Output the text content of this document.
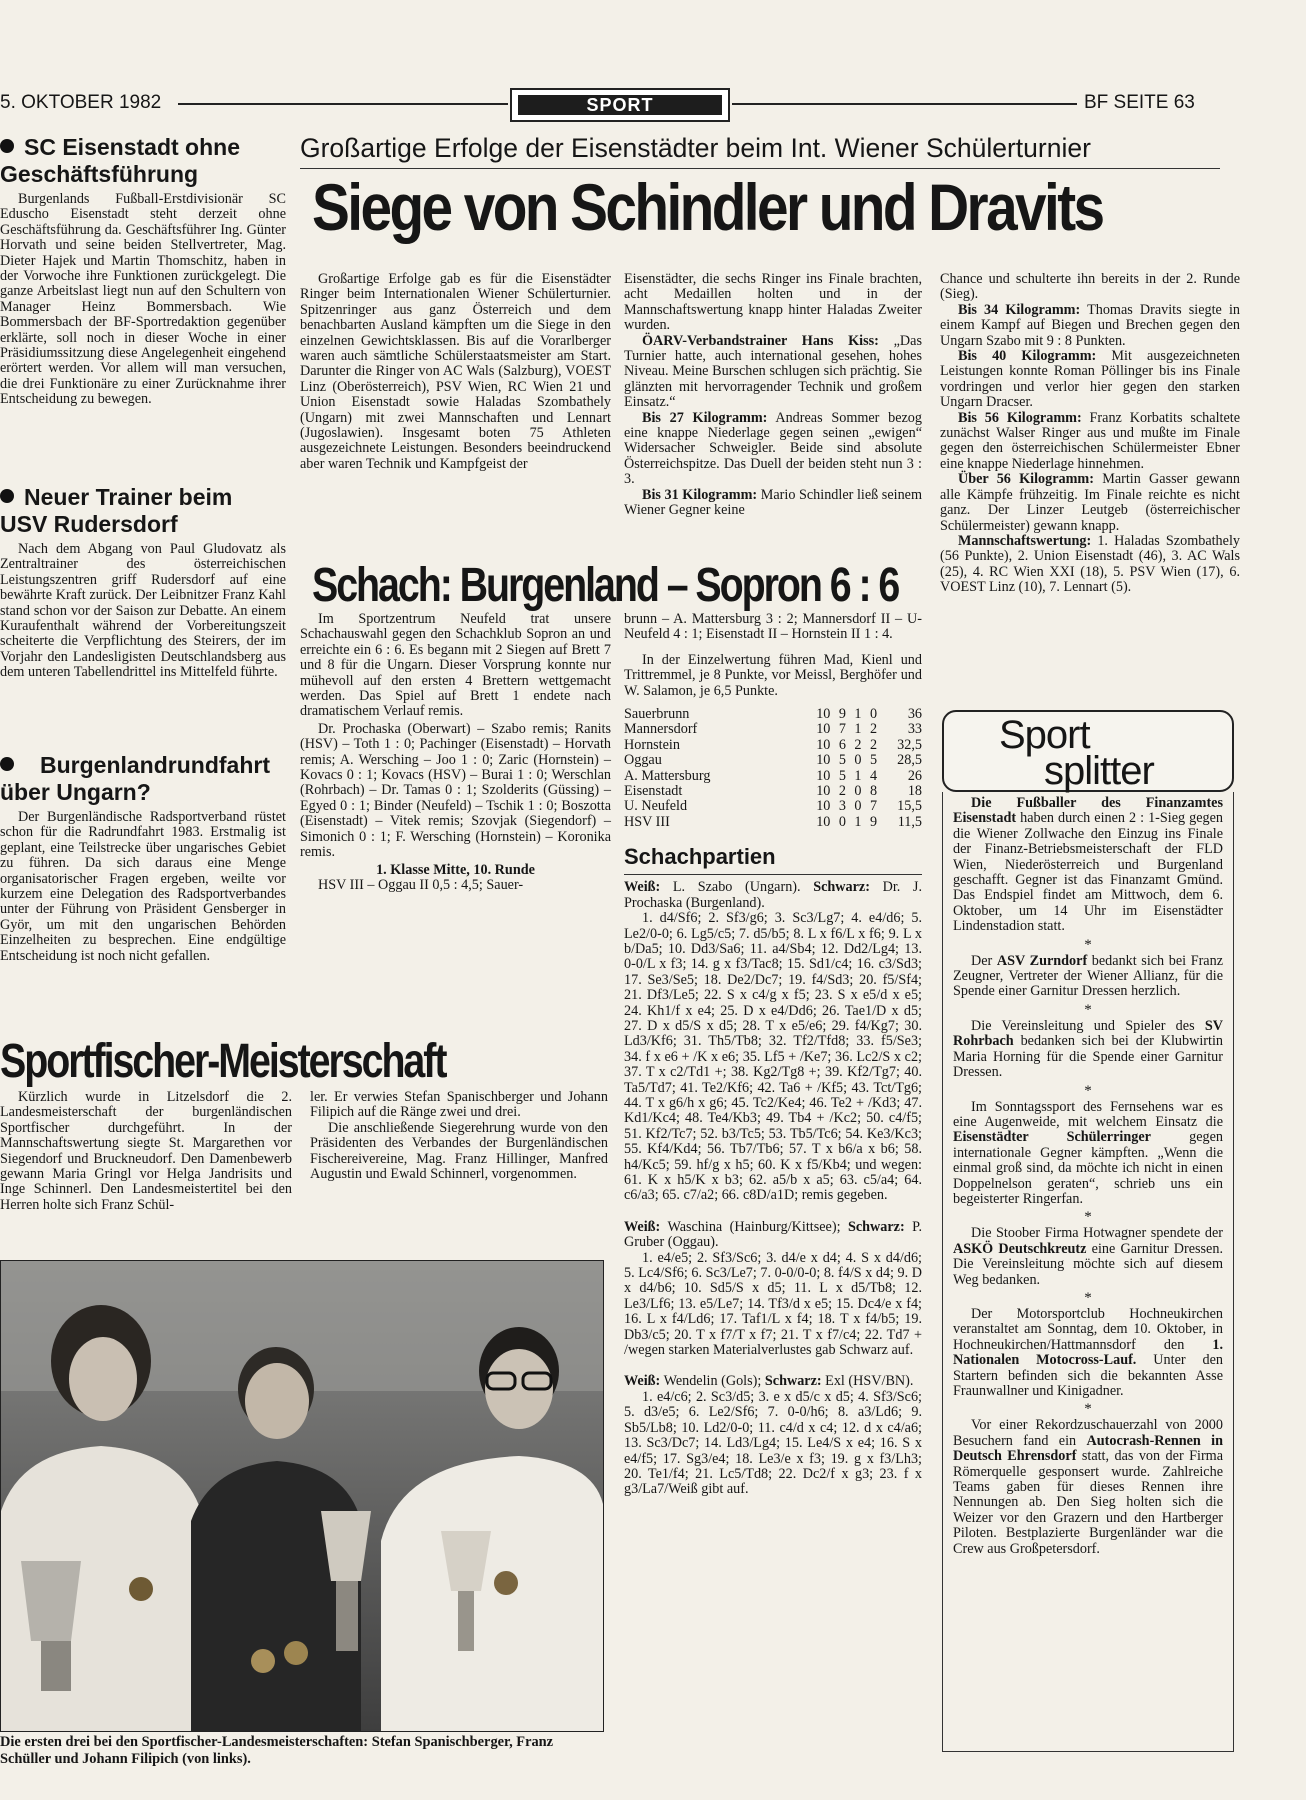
5. OKTOBER 1982	SPORT	BF SEITE 63
SC Eisenstadt ohne
Geschäftsführung

Burgenlands Fußball-Erstdivisionär SC Eduscho Eisenstadt steht derzeit ohne Geschäftsführung da. Geschäftsführer Ing. Günter Horvath und seine beiden Stellvertreter, Mag. Dieter Hajek und Martin Thomschitz, haben in der Vorwoche ihre Funktionen zurückgelegt. Die ganze Arbeitslast liegt nun auf den Schultern von Manager Heinz Bommersbach. Wie Bommersbach der BF-Sportredaktion gegenüber erklärte, soll noch in dieser Woche in einer Präsidiumssitzung diese Angelegenheit eingehend erörtert werden. Vor allem will man versuchen, die drei Funktionäre zu einer Zurücknahme ihrer Entscheidung zu bewegen.

Neuer Trainer beim
USV Rudersdorf

Nach dem Abgang von Paul Gludovatz als Zentraltrainer des österreichischen Leistungszentren griff Rudersdorf auf eine bewährte Kraft zurück. Der Leibnitzer Franz Kahl stand schon vor der Saison zur Debatte. An einem Kuraufenthalt während der Vorbereitungszeit scheiterte die Verpflichtung des Steirers, der im Vorjahr den Landesligisten Deutschlandsberg aus dem unteren Tabellendrittel ins Mittelfeld führte.

Burgenlandrundfahrt
über Ungarn?

Der Burgenländische Radsportverband rüstet schon für die Radrundfahrt 1983. Erstmalig ist geplant, eine Teilstrecke über ungarisches Gebiet zu führen. Da sich daraus eine Menge organisatorischer Fragen ergeben, weilte vor kurzem eine Delegation des Radsportverbandes unter der Führung von Präsident Gensberger in Györ, um mit den ungarischen Behörden Einzelheiten zu besprechen. Eine endgültige Entscheidung ist noch nicht gefallen.

Großartige Erfolge der Eisenstädter beim Int. Wiener Schülerturnier
Siege von Schindler und Dravits

Großartige Erfolge gab es für die Eisenstädter Ringer beim Internationalen Wiener Schülerturnier. Spitzenringer aus ganz Österreich und dem benachbarten Ausland kämpften um die Siege in den einzelnen Gewichtsklassen. Bis auf die Vorarlberger waren auch sämtliche Schülerstaatsmeister am Start. Darunter die Ringer von AC Wals (Salzburg), VOEST Linz (Oberösterreich), PSV Wien, RC Wien 21 und Union Eisenstadt sowie Haladas Szombathely (Ungarn) mit zwei Mannschaften und Lennart (Jugoslawien). Insgesamt boten 75 Athleten ausgezeichnete Leistungen. Besonders beeindruckend aber waren Technik und Kampfgeist der

Eisenstädter, die sechs Ringer ins Finale brachten, acht Medaillen holten und in der Mannschaftswertung knapp hinter Haladas Zweiter wurden.

ÖARV-Verbandstrainer Hans Kiss: „Das Turnier hatte, auch international gesehen, hohes Niveau. Meine Burschen schlugen sich prächtig. Sie glänzten mit hervorragender Technik und großem Einsatz.“

Bis 27 Kilogramm: Andreas Sommer bezog eine knappe Niederlage gegen seinen „ewigen“ Widersacher Schweigler. Beide sind absolute Österreichspitze. Das Duell der beiden steht nun 3 : 3.

Bis 31 Kilogramm: Mario Schindler ließ seinem Wiener Gegner keine

Chance und schulterte ihn bereits in der 2. Runde (Sieg).

Bis 34 Kilogramm: Thomas Dravits siegte in einem Kampf auf Biegen und Brechen gegen den Ungarn Szabo mit 9 : 8 Punkten.

Bis 40 Kilogramm: Mit ausgezeichneten Leistungen konnte Roman Pöllinger bis ins Finale vordringen und verlor hier gegen den starken Ungarn Dracser.

Bis 56 Kilogramm: Franz Korbatits schaltete zunächst Walser Ringer aus und mußte im Finale gegen den österreichischen Schülermeister Ebner eine knappe Niederlage hinnehmen.

Über 56 Kilogramm: Martin Gasser gewann alle Kämpfe frühzeitig. Im Finale reichte es nicht ganz. Der Linzer Leutgeb (österreichischer Schülermeister) gewann knapp.

Mannschaftswertung: 1. Haladas Szombathely (56 Punkte), 2. Union Eisenstadt (46), 3. AC Wals (25), 4. RC Wien XXI (18), 5. PSV Wien (17), 6. VOEST Linz (10), 7. Lennart (5).

Schach: Burgenland – Sopron 6 : 6

Im Sportzentrum Neufeld trat unsere Schachauswahl gegen den Schachklub Sopron an und erreichte ein 6 : 6. Es begann mit 2 Siegen auf Brett 7 und 8 für die Ungarn. Dieser Vorsprung konnte nur mühevoll auf den ersten 4 Brettern wettgemacht werden. Das Spiel auf Brett 1 endete nach dramatischem Verlauf remis.

Dr. Prochaska (Oberwart) – Szabo remis; Ranits (HSV) – Toth 1 : 0; Pachinger (Eisenstadt) – Horvath remis; A. Wersching – Joo 1 : 0; Zaric (Hornstein) – Kovacs 0 : 1; Kovacs (HSV) – Burai 1 : 0; Werschlan (Rohrbach) – Dr. Tamas 0 : 1; Szolderits (Güssing) – Egyed 0 : 1; Binder (Neufeld) – Tschik 1 : 0; Boszotta (Eisenstadt) – Vitek remis; Szovjak (Siegendorf) – Simonich 0 : 1; F. Wersching (Hornstein) – Koronika remis.

1. Klasse Mitte, 10. Runde

HSV III – Oggau II 0,5 : 4,5; Sauer-

brunn – A. Mattersburg 3 : 2; Mannersdorf II – U-Neufeld 4 : 1; Eisenstadt II – Hornstein II 1 : 4.

In der Einzelwertung führen Mad, Kienl und Trittremmel, je 8 Punkte, vor Meissl, Berghöfer und W. Salamon, je 6,5 Punkte.

Sauerbrunn	10	9	1	0	36
Mannersdorf	10	7	1	2	33
Hornstein	10	6	2	2	32,5
Oggau	10	5	0	5	28,5
A. Mattersburg	10	5	1	4	26
Eisenstadt	10	2	0	8	18
U. Neufeld	10	3	0	7	15,5
HSV III	10	0	1	9	11,5
Schachpartien

Weiß: L. Szabo (Ungarn). Schwarz: Dr. J. Prochaska (Burgenland).

1. d4/Sf6; 2. Sf3/g6; 3. Sc3/Lg7; 4. e4/d6; 5. Le2/0-0; 6. Lg5/c5; 7. d5/b5; 8. L x f6/L x f6; 9. L x b/Da5; 10. Dd3/Sa6; 11. a4/Sb4; 12. Dd2/Lg4; 13. 0-0/L x f3; 14. g x f3/Tac8; 15. Sd1/c4; 16. c3/Sd3; 17. Se3/Se5; 18. De2/Dc7; 19. f4/Sd3; 20. f5/Sf4; 21. Df3/Le5; 22. S x c4/g x f5; 23. S x e5/d x e5; 24. Kh1/f x e4; 25. D x e4/Dd6; 26. Tae1/D x d5; 27. D x d5/S x d5; 28. T x e5/e6; 29. f4/Kg7; 30. Ld3/Kf6; 31. Th5/Tb8; 32. Tf2/Tfd8; 33. f5/Se3; 34. f x e6 + /K x e6; 35. Lf5 + /Ke7; 36. Lc2/S x c2; 37. T x c2/Td1 +; 38. Kg2/Tg8 +; 39. Kf2/Tg7; 40. Ta5/Td7; 41. Te2/Kf6; 42. Ta6 + /Kf5; 43. Tct/Tg6; 44. T x g6/h x g6; 45. Tc2/Ke4; 46. Te2 + /Kd3; 47. Kd1/Kc4; 48. Te4/Kb3; 49. Tb4 + /Kc2; 50. c4/f5; 51. Kf2/Tc7; 52. b3/Tc5; 53. Tb5/Tc6; 54. Ke3/Kc3; 55. Kf4/Kd4; 56. Tb7/Tb6; 57. T x b6/a x b6; 58. h4/Kc5; 59. hf/g x h5; 60. K x f5/Kb4; und wegen: 61. K x h5/K x b3; 62. a5/b x a5; 63. c5/a4; 64. c6/a3; 65. c7/a2; 66. c8D/a1D; remis gegeben.

Weiß: Waschina (Hainburg/Kittsee); Schwarz: P. Gruber (Oggau).

1. e4/e5; 2. Sf3/Sc6; 3. d4/e x d4; 4. S x d4/d6; 5. Lc4/Sf6; 6. Sc3/Le7; 7. 0-0/0-0; 8. f4/S x d4; 9. D x d4/b6; 10. Sd5/S x d5; 11. L x d5/Tb8; 12. Le3/Lf6; 13. e5/Le7; 14. Tf3/d x e5; 15. Dc4/e x f4; 16. L x f4/Ld6; 17. Taf1/L x f4; 18. T x f4/b5; 19. Db3/c5; 20. T x f7/T x f7; 21. T x f7/c4; 22. Td7 + /wegen starken Materialverlustes gab Schwarz auf.

Weiß: Wendelin (Gols); Schwarz: Exl (HSV/BN).

1. e4/c6; 2. Sc3/d5; 3. e x d5/c x d5; 4. Sf3/Sc6; 5. d3/e5; 6. Le2/Sf6; 7. 0-0/h6; 8. a3/Ld6; 9. Sb5/Lb8; 10. Ld2/0-0; 11. c4/d x c4; 12. d x c4/a6; 13. Sc3/Dc7; 14. Ld3/Lg4; 15. Le4/S x e4; 16. S x e4/f5; 17. Sg3/e4; 18. Le3/e x f3; 19. g x f3/Lh3; 20. Te1/f4; 21. Lc5/Td8; 22. Dc2/f x g3; 23. f x g3/La7/Weiß gibt auf.

Sportfischer-Meisterschaft

Kürzlich wurde in Litzelsdorf die 2. Landesmeisterschaft der burgenländischen Sportfischer durchgeführt. In der Mannschaftswertung siegte St. Margarethen vor Siegendorf und Bruckneudorf. Den Damenbewerb gewann Maria Gringl vor Helga Jandrisits und Inge Schinnerl. Den Landesmeistertitel bei den Herren holte sich Franz Schül-

ler. Er verwies Stefan Spanischberger und Johann Filipich auf die Ränge zwei und drei.

Die anschließende Siegerehrung wurde von den Präsidenten des Verbandes der Burgenländischen Fischereivereine, Mag. Franz Hillinger, Manfred Augustin und Ewald Schinnerl, vorgenommen.

Die ersten drei bei den Sportfischer-Landesmeisterschaften: Stefan Spanischberger, Franz Schüller und Johann Filipich (von links).
Sport
splitter

Die Fußballer des Finanzamtes Eisenstadt haben durch einen 2 : 1-Sieg gegen die Wiener Zollwache den Einzug ins Finale der Finanz-Betriebsmeisterschaft der FLD Wien, Niederösterreich und Burgenland geschafft. Gegner ist das Finanzamt Gmünd. Das Endspiel findet am Mittwoch, dem 6. Oktober, um 14 Uhr im Eisenstädter Lindenstadion statt.

*

Der ASV Zurndorf bedankt sich bei Franz Zeugner, Vertreter der Wiener Allianz, für die Spende einer Garnitur Dressen herzlich.

*

Die Vereinsleitung und Spieler des SV Rohrbach bedanken sich bei der Klubwirtin Maria Horning für die Spende einer Garnitur Dressen.

*

Im Sonntagssport des Fernsehens war es eine Augenweide, mit welchem Einsatz die Eisenstädter Schülerringer	gegen internationale Gegner kämpften. „Wenn die einmal groß sind, da möchte ich nicht in einen Doppelnelson geraten“, schrieb uns ein begeisterter Ringerfan.

*

Die Stoober Firma Hotwagner spendete der ASKÖ Deutschkreutz eine Garnitur Dressen. Die Vereinsleitung möchte sich auf diesem Weg bedanken.

*

Der Motorsportclub Hochneukirchen veranstaltet am Sonntag, dem 10. Oktober, in Hochneukirchen/Hattmannsdorf den 1. Nationalen Motocross-Lauf. Unter den Startern befinden sich die bekannten Asse Fraunwallner und Kinigadner.

*

Vor einer Rekordzuschauerzahl von 2000 Besuchern fand ein Autocrash-Rennen in Deutsch Ehrensdorf statt, das von der Firma Römerquelle gesponsert wurde. Zahlreiche Teams gaben für dieses Rennen ihre Nennungen ab. Den Sieg holten sich die Weizer vor den Grazern und den Hartberger Piloten. Bestplazierte Burgenländer war die Crew aus Großpetersdorf.
